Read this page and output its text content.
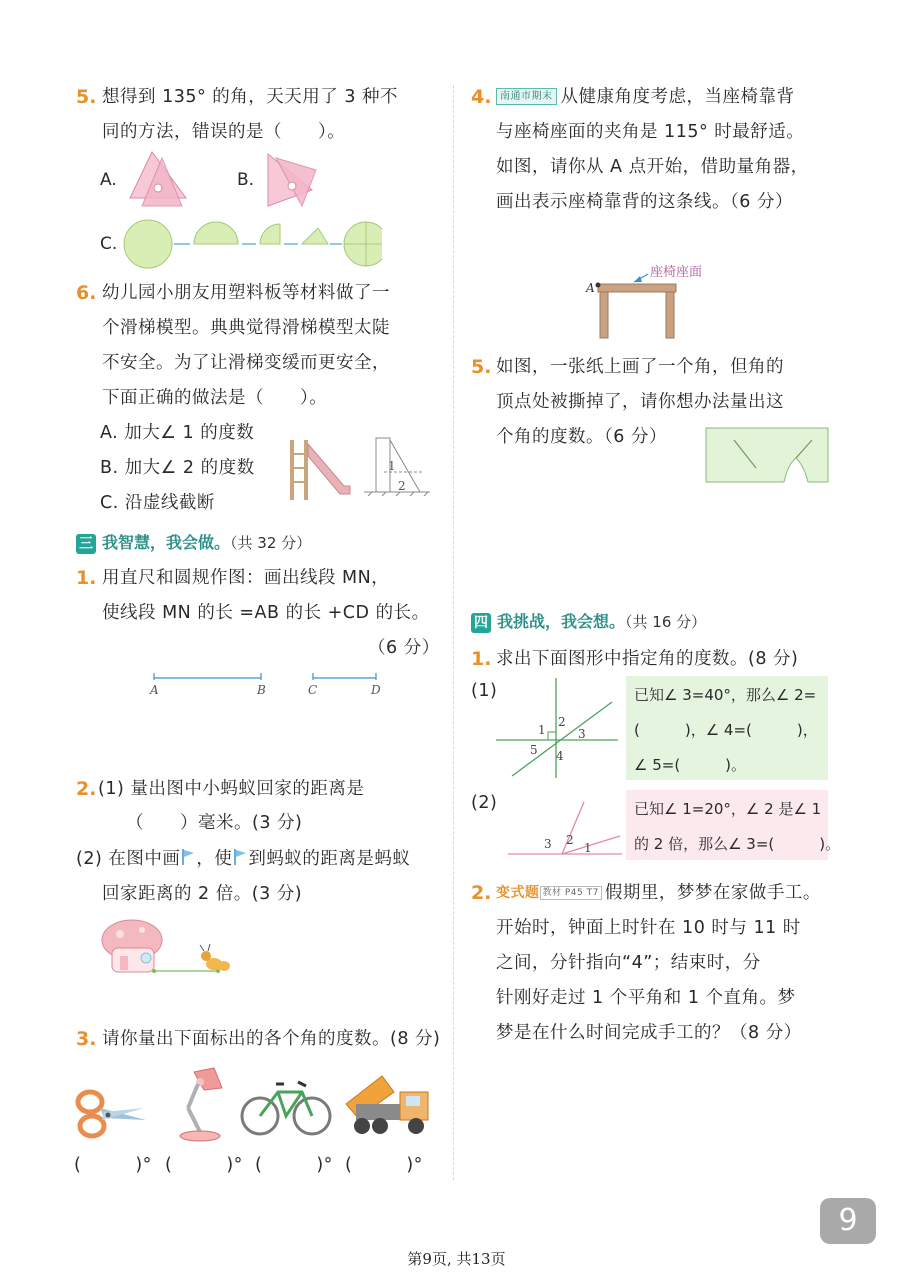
5. 想得到 135° 的角，天天用了 3 种不
同的方法，错误的是（　　）。
A.	B.
C.
6. 幼儿园小朋友用塑料板等材料做了一
个滑梯模型。典典觉得滑梯模型太陡
不安全。为了让滑梯变缓而更安全，
下面正确的做法是（　　）。
A. 加大∠ 1 的度数
B. 加大∠ 2 的度数
C. 沿虚线截断
1
2
三 我智慧，我会做。（共 32 分）
1. 用直尺和圆规作图：画出线段 MN，
使线段 MN 的长 =AB 的长 +CD 的长。
（6 分）
A	B	C	D
2. (1) 量出图中小蚂蚁回家的距离是
（　　）毫米。(3 分)
(2) 在图中画 ，使 到蚂蚁的距离是蚂蚁
回家距离的 2 倍。(3 分)
3. 请你量出下面标出的各个角的度数。(8 分)
(　　　)° (　　　)° (　　　)° (　　　)°
4. 南通市期末 从健康角度考虑，当座椅靠背
与座椅座面的夹角是 115° 时最舒适。
如图，请你从 A 点开始，借助量角器，
画出表示座椅靠背的这条线。（6 分）
座椅座面
A
5. 如图，一张纸上画了一个角，但角的
顶点处被撕掉了，请你想办法量出这
个角的度数。（6 分）
四 我挑战，我会想。（共 16 分）
1. 求出下面图形中指定角的度数。(8 分)
(1)
1
2
3
4
5
已知∠ 3=40°，那么∠ 2=
(　　　)，∠ 4=(　　　)，
∠ 5=(　　　)。
(2)
3 2
1
已知∠ 1=20°，∠ 2 是∠ 1
的 2 倍，那么∠ 3=(　　　)。
2. 变式题 教材 P45 T7 假期里，梦梦在家做手工。
开始时，钟面上时针在 10 时与 11 时
之间，分针指向“4”；结束时，分
针刚好走过 1 个平角和 1 个直角。梦
梦是在什么时间完成手工的？（8 分）
9
第9页, 共13页
